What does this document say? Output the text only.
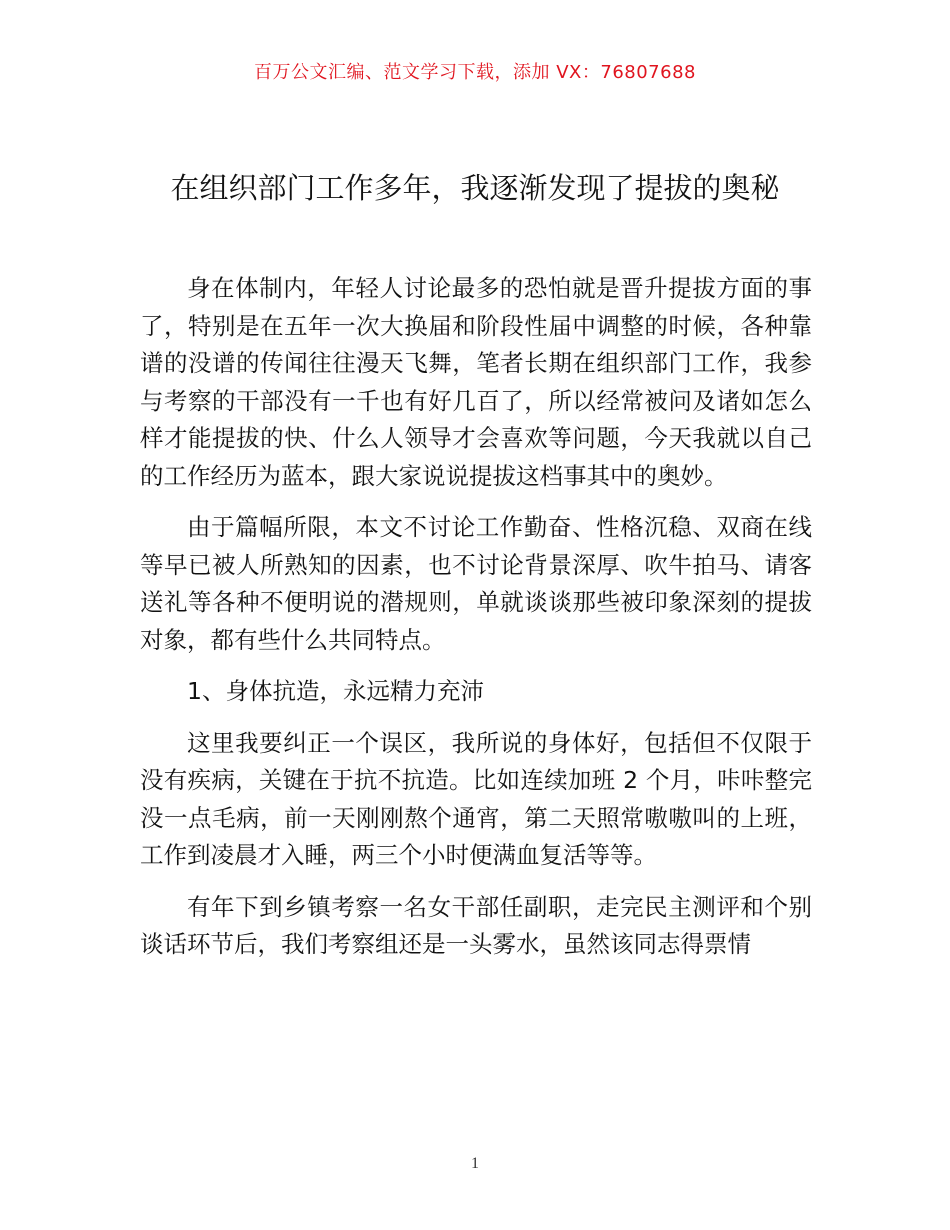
百万公文汇编、范文学习下载，添加 VX：76807688
在组织部门工作多年，我逐渐发现了提拔的奥秘

身在体制内，年轻人讨论最多的恐怕就是晋升提拔方面的事了，特别是在五年一次大换届和阶段性届中调整的时候，各种靠谱的没谱的传闻往往漫天飞舞，笔者长期在组织部门工作，我参与考察的干部没有一千也有好几百了，所以经常被问及诸如怎么样才能提拔的快、什么人领导才会喜欢等问题，今天我就以自己的工作经历为蓝本，跟大家说说提拔这档事其中的奥妙。

由于篇幅所限，本文不讨论工作勤奋、性格沉稳、双商在线等早已被人所熟知的因素，也不讨论背景深厚、吹牛拍马、请客送礼等各种不便明说的潜规则，单就谈谈那些被印象深刻的提拔对象，都有些什么共同特点。

1、身体抗造，永远精力充沛

这里我要纠正一个误区，我所说的身体好，包括但不仅限于没有疾病，关键在于抗不抗造。比如连续加班 2 个月，咔咔整完没一点毛病，前一天刚刚熬个通宵，第二天照常嗷嗷叫的上班，工作到凌晨才入睡，两三个小时便满血复活等等。

有年下到乡镇考察一名女干部任副职，走完民主测评和个别谈话环节后，我们考察组还是一头雾水，虽然该同志得票情

1
